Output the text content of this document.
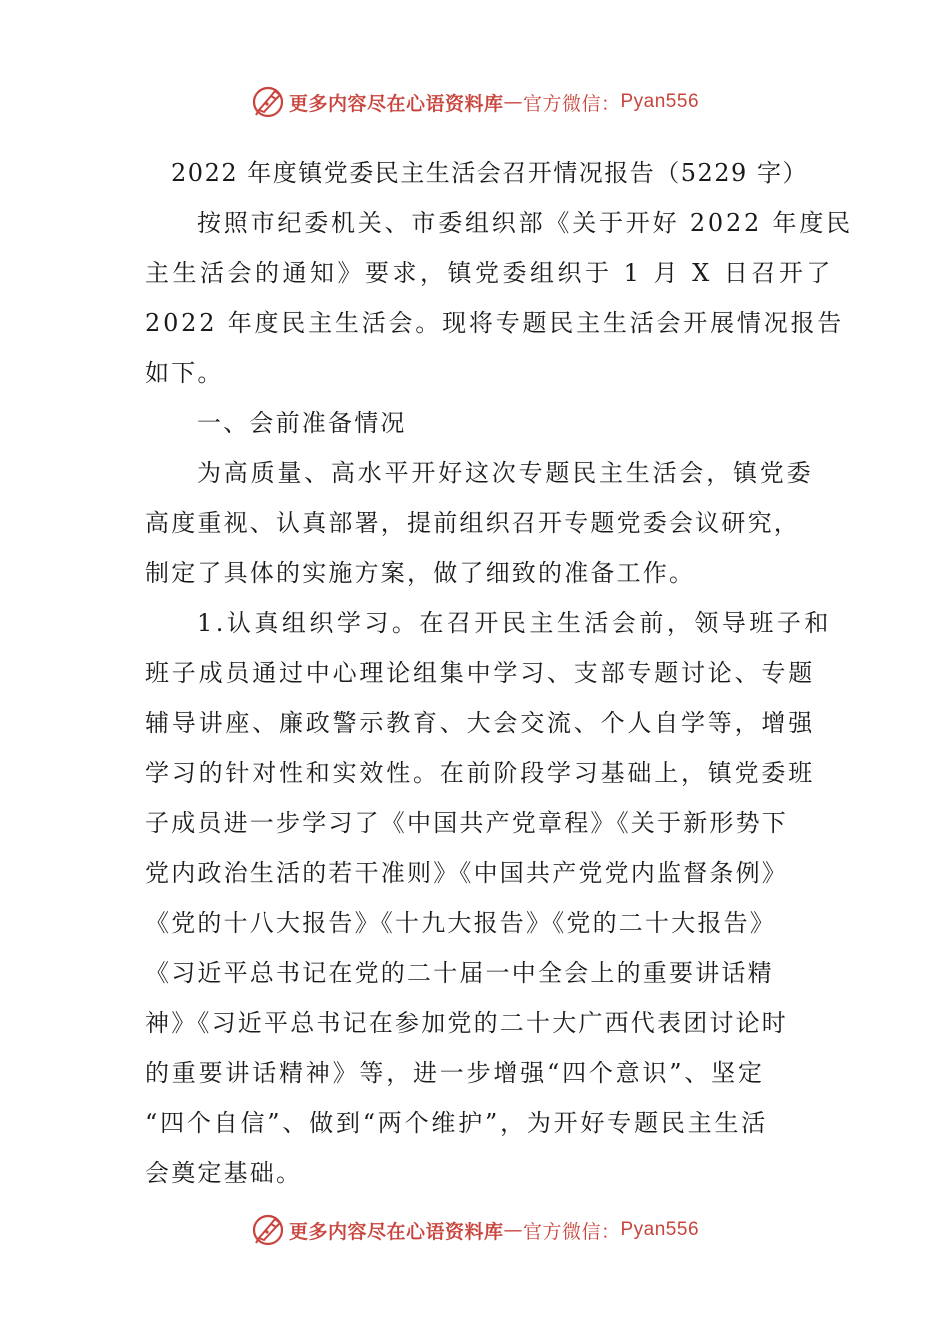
更多内容尽在心语资料库 — 官方微信： Pyan556
2022 年度镇党委民主生活会召开情况报告（5229 字）
按照市纪委机关、市委组织部《关于开好 2022 年度民
主生活会的通知》要求，镇党委组织于 1 月 X 日召开了
2022 年度民主生活会。现将专题民主生活会开展情况报告
如下。
一、会前准备情况
为高质量、高水平开好这次专题民主生活会，镇党委
高度重视、认真部署，提前组织召开专题党委会议研究，
制定了具体的实施方案，做了细致的准备工作。
1.认真组织学习。在召开民主生活会前，领导班子和
班子成员通过中心理论组集中学习、支部专题讨论、专题
辅导讲座、廉政警示教育、大会交流、个人自学等，增强
学习的针对性和实效性。在前阶段学习基础上，镇党委班
子成员进一步学习了《中国共产党章程》《关于新形势下
党内政治生活的若干准则》《中国共产党党内监督条例》
《党的十八大报告》《十九大报告》《党的二十大报告》
《习近平总书记在党的二十届一中全会上的重要讲话精
神》《习近平总书记在参加党的二十大广西代表团讨论时
的重要讲话精神》等，进一步增强“四个意识”、坚定
“四个自信”、做到“两个维护”，为开好专题民主生活
会奠定基础。
更多内容尽在心语资料库 — 官方微信： Pyan556
